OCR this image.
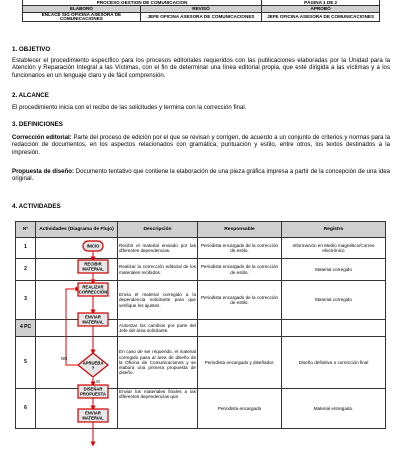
PROCESO GESTION DE COMUNICACION		PÁGINA 1 DE 2
ELABORÓ	REVISÓ	APROBÓ
ENLACE SIG OFICINA ASESORA DE COMUNICACIONES	JEFE OFICINA ASESORA DE COMUNICACIONES	JEFE OFICINA ASESORA DE COMUNICACIONES
1. OBJETIVO
Establecer el procedimiento específico para los procesos editoriales requeridos con las publicaciones elaboradas por la Unidad para la Atención y Reparación Integral a las Víctimas, con el fin de determinar una línea editorial propia, que esté dirigida a las víctimas y a los funcionarios en un lenguaje claro y de fácil comprensión.
2. ALCANCE
El procedimiento inicia con el recibo de las solicitudes y termina con la corrección final.
3. DEFINICIONES
Corrección editorial: Parte del proceso de edición por el que se revisan y corrigen, de acuerdo a un conjunto de criterios y normas para la redacción de documentos, en los aspectos relacionados con gramática, puntuación y estilo, entre otros, los textos destinados a la impresión.
Propuesta de diseño: Documento tentativo que contiene la elaboración de una pieza gráfica impresa a partir de la concepción de una idea original.
4. ACTIVIDADES
N°	Actividades (Diagrama de Flujo)	Descripción	Responsable	Registro
1		Recibir el material enviado por las diferentes dependencias.	Periodista encargado de la corrección de estilo.	Información en Medio magnético/Correo electrónico
2		Realizar la corrección editorial de los materiales recibidos.	Periodista encargado de la corrección de estilo.	Material corregido
3		Envía el material corregido a la dependencia solicitante para que verifique los ajustes.	Periodista encargado de la corrección de estilo.	Material corregido
4 PC		Autorizar los cambios por parte del Jefe del área solicitante.		
5		En caso de ser requerido, el material corregido pasa al área de diseño de la Oficina de Comunicaciones y se elabora una primera propuesta de diseño.	Periodista encargado y diseñador.	Diseño definitivo o corrección final
6		Enviar los materiales finales a las diferentes dependencias que	Periodista encargado	Material entregado.
INICIO
RECIBIR
MATERIAL
REALIZAR
CORRECCIÓN
ENVIAR
MATERIAL
APRUEBA
?
NO
SI
DISEÑAR
PROPUESTA
ENVIAR
MATERIAL
